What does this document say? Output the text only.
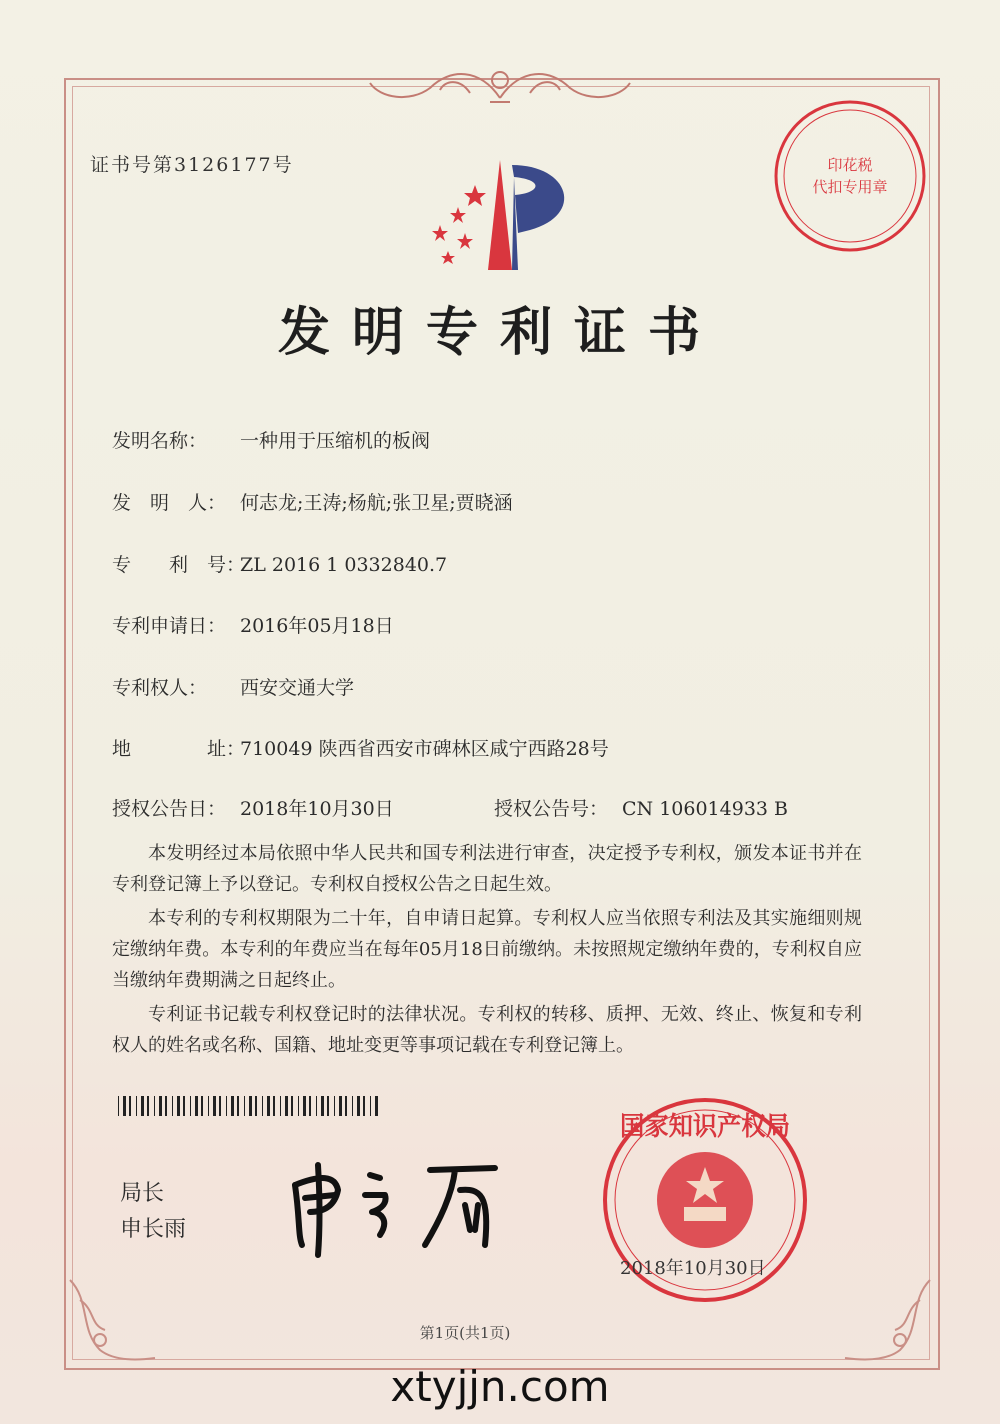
证书号第3126177号
发明专利证书
印花税
代扣专用章
发明名称： 一种用于压缩机的板阀
发　明　人： 何志龙;王涛;杨航;张卫星;贾晓涵
专　　利　号：ZL 2016 1 0332840.7
专利申请日： 2016年05月18日
专利权人： 西安交通大学
地　　　　址：710049 陕西省西安市碑林区咸宁西路28号
授权公告日： 2018年10月30日	授权公告号： CN 106014933 B

本发明经过本局依照中华人民共和国专利法进行审查，决定授予专利权，颁发本证书并在专利登记簿上予以登记。专利权自授权公告之日起生效。

本专利的专利权期限为二十年，自申请日起算。专利权人应当依照专利法及其实施细则规定缴纳年费。本专利的年费应当在每年05月18日前缴纳。未按照规定缴纳年费的，专利权自应当缴纳年费期满之日起终止。

专利证书记载专利权登记时的法律状况。专利权的转移、质押、无效、终止、恢复和专利权人的姓名或名称、国籍、地址变更等事项记载在专利登记簿上。

局长
申长雨
国家知识产权局
2018年10月30日
第1页(共1页)
xtyjjn.com
